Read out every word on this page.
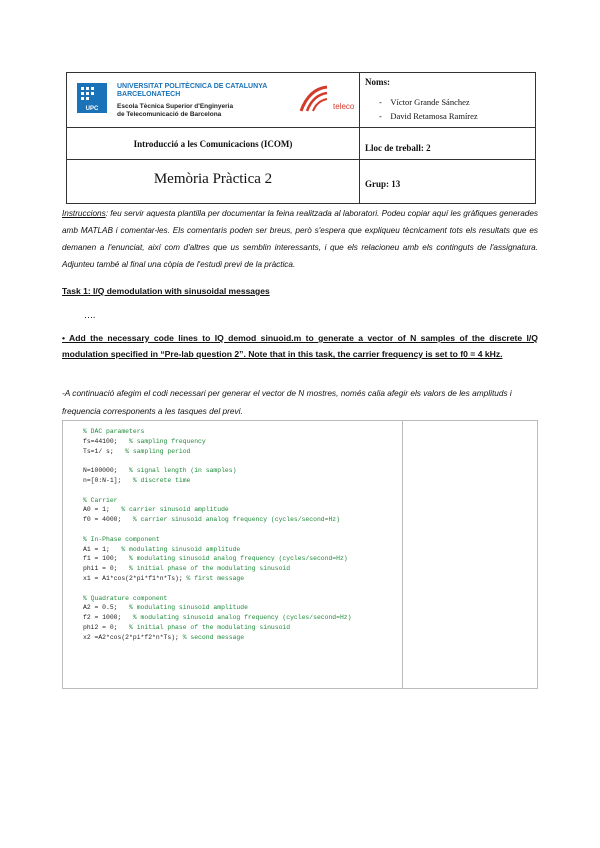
UPC
UNIVERSITAT POLITÈCNICA DE CATALUNYA
BARCELONATECH
Escola Tècnica Superior d'Enginyeria
de Telecomunicació de Barcelona
teleco
Introducció a les Comunicacions (ICOM)
Memòria Pràctica 2
Noms:
- Víctor Grande Sánchez
- David Retamosa Ramírez
Lloc de treball: 2
Grup: 13
Instruccions: feu servir aquesta plantilla per documentar la feina realitzada al laboratori. Podeu copiar aquí les gràfiques generades amb MATLAB i comentar-les. Els comentaris poden ser breus, però s'espera que expliqueu tècnicament tots els resultats que es demanen a l'enunciat, així com d'altres que us semblin interessants, i que els relacioneu amb els continguts de l'assignatura. Adjunteu també al final una còpia de l'estudi previ de la pràctica.
Task 1: I/Q demodulation with sinusoidal messages
….
• Add the necessary code lines to IQ demod sinuoid.m to generate a vector of N samples of the discrete I/Q modulation specified in “Pre-lab question 2”. Note that in this task, the carrier frequency is set to f0 = 4 kHz.
-A continuació afegim el codi necessari per generar el vector de N mostres, només calia afegir els valors de les amplituds i frequencia corresponents a les tasques del previ.
% DAC parameters
fs=44100;   % sampling frequency
Ts=1/ s;   % sampling period

N=100000;   % signal length (in samples)
n=[0:N-1];   % discrete time

% Carrier
A0 = 1;   % carrier sinusoid amplitude
f0 = 4000;   % carrier sinusoid analog frequency (cycles/second=Hz)

% In-Phase component
A1 = 1;   % modulating sinusoid amplitude
f1 = 100;   % modulating sinusoid analog frequency (cycles/second=Hz)
phi1 = 0;   % initial phase of the modulating sinusoid
x1 = A1*cos(2*pi*f1*n*Ts); % first message

% Quadrature component
A2 = 0.5;   % modulating sinusoid amplitude
f2 = 1000;   % modulating sinusoid analog frequency (cycles/second=Hz)
phi2 = 0;   % initial phase of the modulating sinusoid
x2 =A2*cos(2*pi*f2*n*Ts); % second message
